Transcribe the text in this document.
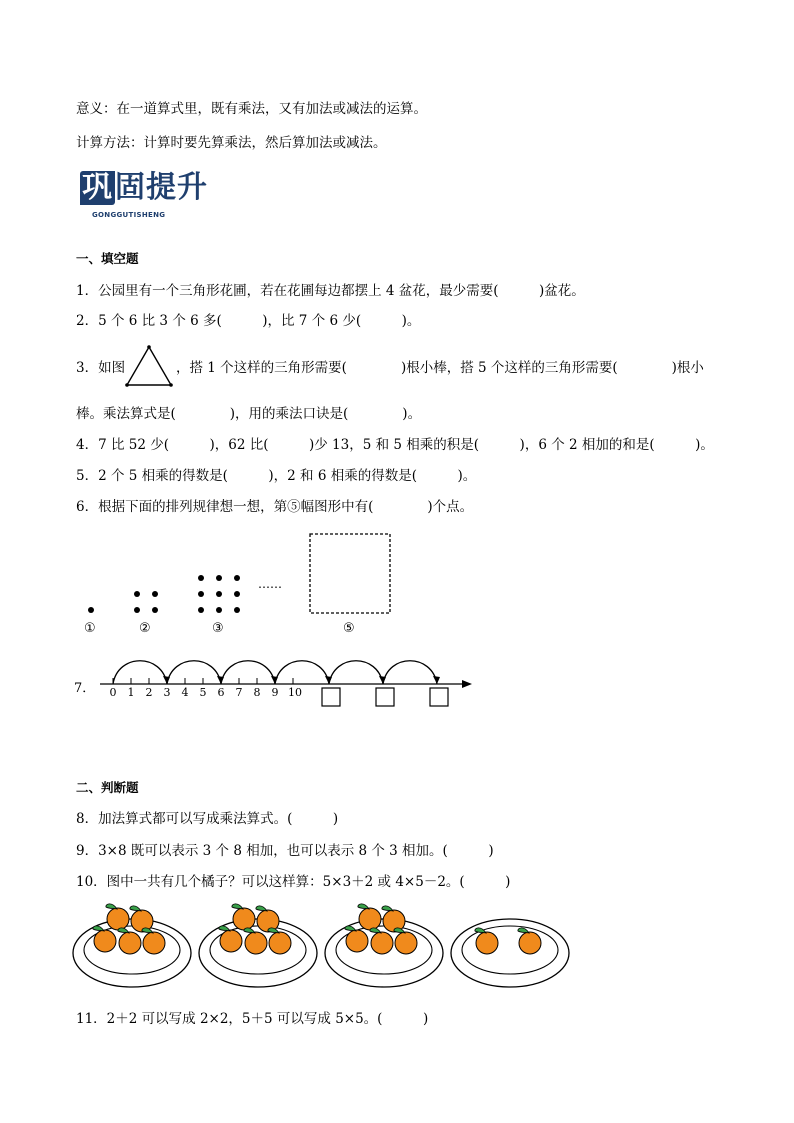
意义：在一道算式里，既有乘法，又有加法或减法的运算。
计算方法：计算时要先算乘法，然后算加法或减法。
巩固提升
GONGGUTISHENG
一、填空题
1．公园里有一个三角形花圃，若在花圃每边都摆上 4 盆花，最少需要(　　　)盆花。
2．5 个 6 比 3 个 6 多(　　　)，比 7 个 6 少(　　　)。
3．如图	，搭 1 个这样的三角形需要(　　　　)根小棒，搭 5 个这样的三角形需要(　　　　)根小
棒。乘法算式是(　　　　)，用的乘法口诀是(　　　　)。
4．7 比 52 少(　　　)，62 比(　　　)少 13，5 和 5 相乘的积是(　　　)，6 个 2 相加的和是(　　　)。
5．2 个 5 相乘的得数是(　　　)，2 和 6 相乘的得数是(　　　)。
6．根据下面的排列规律想一想，第⑤幅图形中有(　　　　)个点。
……
①	②	③	⑤
7． 0 1 2 3 4 5 6 7 8 9 10
二、判断题
8．加法算式都可以写成乘法算式。(　　　)
9．3×8 既可以表示 3 个 8 相加，也可以表示 8 个 3 相加。(　　　)
10．图中一共有几个橘子？可以这样算：5×3＋2 或 4×5－2。(　　　)
11．2＋2 可以写成 2×2，5＋5 可以写成 5×5。(　　　)
